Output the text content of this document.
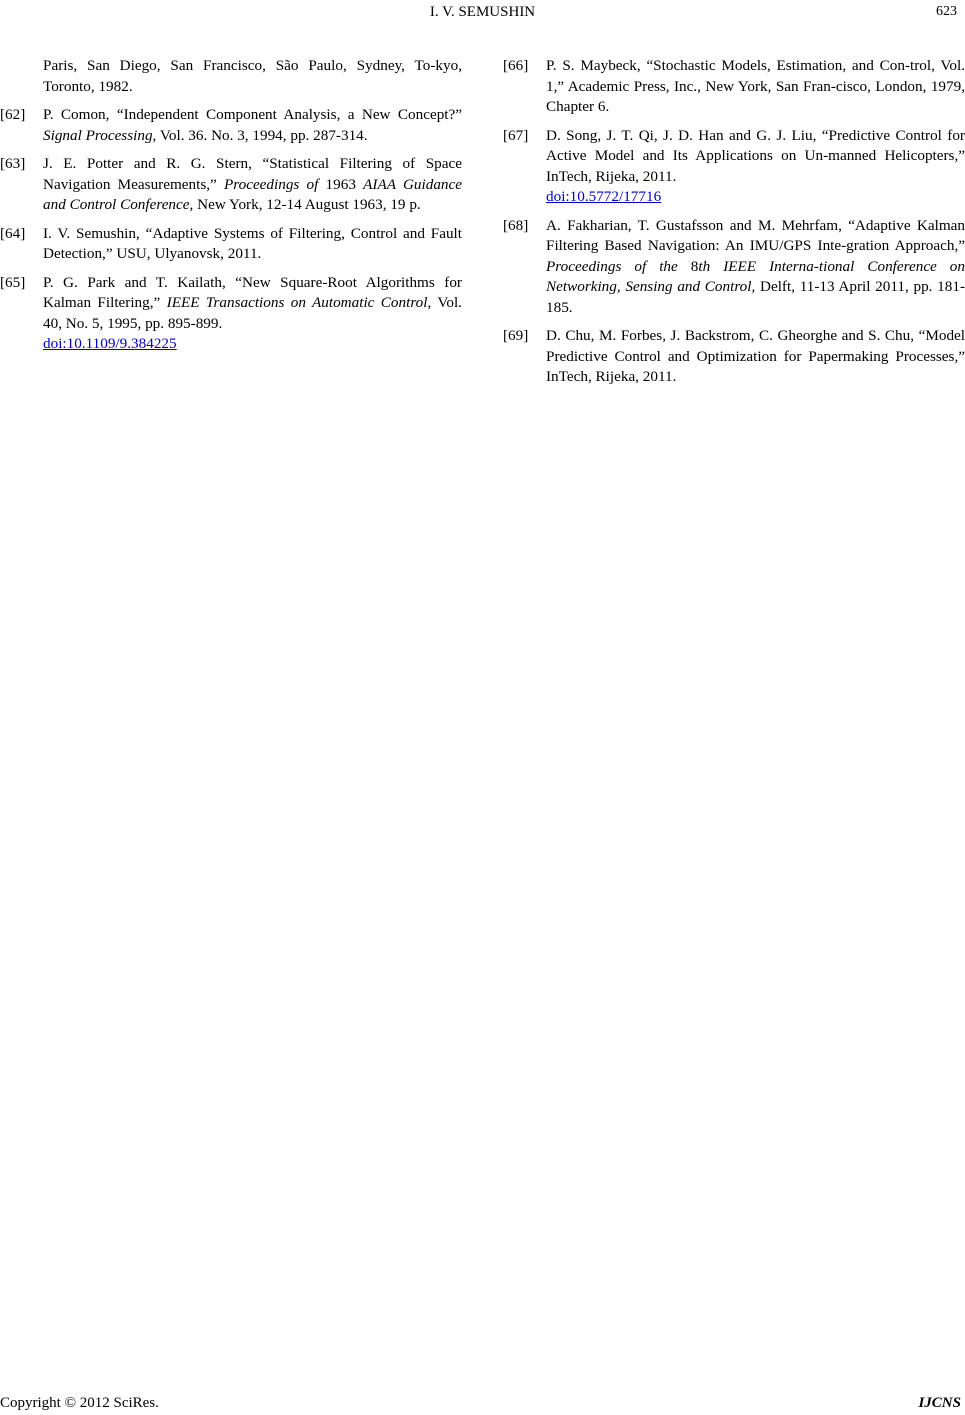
I. V. SEMUSHIN	623
Paris, San Diego, San Francisco, São Paulo, Sydney, To-kyo, Toronto, 1982.
[62] P. Comon, “Independent Component Analysis, a New Concept?” Signal Processing, Vol. 36. No. 3, 1994, pp. 287-314.
[63] J. E. Potter and R. G. Stern, “Statistical Filtering of Space Navigation Measurements,” Proceedings of 1963 AIAA Guidance and Control Conference, New York, 12-14 August 1963, 19 p.
[64] I. V. Semushin, “Adaptive Systems of Filtering, Control and Fault Detection,” USU, Ulyanovsk, 2011.
[65] P. G. Park and T. Kailath, “New Square-Root Algorithms for Kalman Filtering,” IEEE Transactions on Automatic Control, Vol. 40, No. 5, 1995, pp. 895-899.
doi:10.1109/9.384225
[66] P. S. Maybeck, “Stochastic Models, Estimation, and Con-trol, Vol. 1,” Academic Press, Inc., New York, San Fran-cisco, London, 1979, Chapter 6.
[67] D. Song, J. T. Qi, J. D. Han and G. J. Liu, “Predictive Control for Active Model and Its Applications on Un-manned Helicopters,” InTech, Rijeka, 2011.
doi:10.5772/17716
[68] A. Fakharian, T. Gustafsson and M. Mehrfam, “Adaptive Kalman Filtering Based Navigation: An IMU/GPS Inte-gration Approach,” Proceedings of the 8th IEEE Interna-tional Conference on Networking, Sensing and Control, Delft, 11-13 April 2011, pp. 181-185.
[69] D. Chu, M. Forbes, J. Backstrom, C. Gheorghe and S. Chu, “Model Predictive Control and Optimization for Papermaking Processes,” InTech, Rijeka, 2011.
Copyright © 2012 SciRes.	IJCNS
